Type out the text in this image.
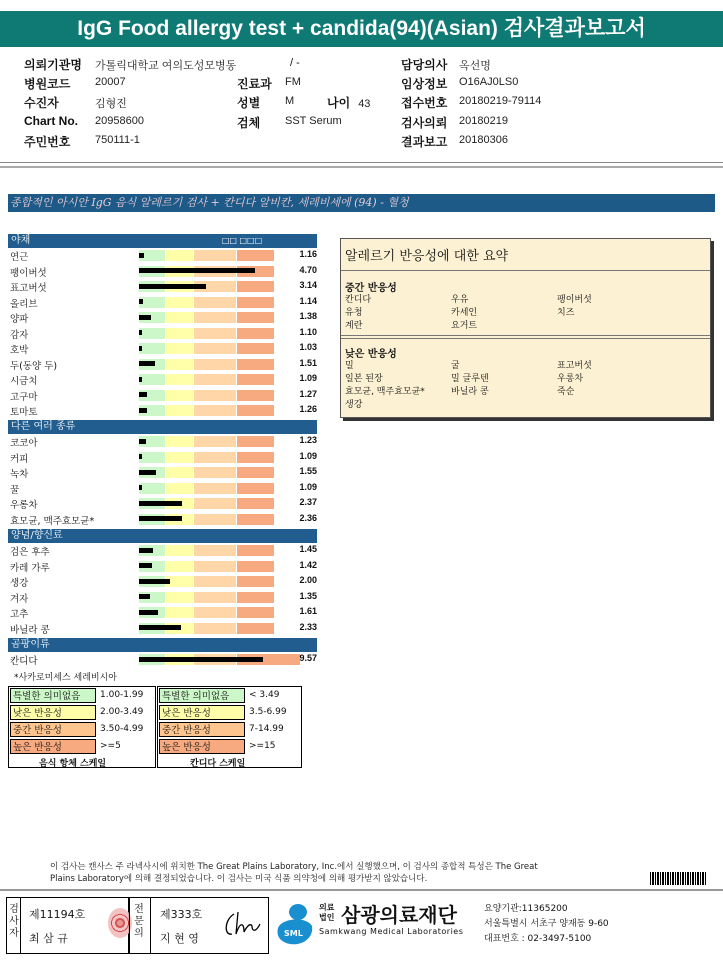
IgG Food allergy test + candida(94)(Asian) 검사결과보고서
의뢰기관명 가톨릭대학교 여의도성모병동
병원코드 20007
수진자	김형진
Chart No. 20958600
주민번호 750111-1
/ -
진료과 FM
성별 M
검체 SST Serum
나이 43
담당의사 옥선명
임상정보 O16AJ0LS0
접수번호 20180219-79114
검사의뢰 20180219
결과보고 20180306
종합적인 아시안 IgG 음식 알레르기 검사 + 칸디다 알비칸, 세레비세에 (94) - 혈청
야채	□□ □□□
연근	1.16
팽이버섯	4.70
표고버섯	3.14
올리브	1.14
양파	1.38
감자	1.10
호박	1.03
두(동양 두)	1.51
시금치	1.09
고구마	1.27
토마토	1.26
다른 여러 종류
코코아	1.23
커피	1.09
녹차	1.55
꿀	1.09
우롱차	2.37
효모균, 맥주효모균*	2.36
양념/향신료
검은 후추	1.45
카레 가루	1.42
생강	2.00
겨자	1.35
고추	1.61
바닐라 콩	2.33
곰팡이류
칸디다	9.57
알레르기 반응성에 대한 요약
중간 반응성
칸디다	우유	팽이버섯
유청	카세인	치즈
계란	요거트
낮은 반응성
밀	굴	표고버섯
일본 된장	밀 글루텐	우롱차
효모균, 맥주효모균*	바닐라 콩	죽순
생강
*사카로미세스 세레비시아
특별한 의미없음	1.00-1.99
낮은 반응성	2.00-3.49
중간 반응성	3.50-4.99
높은 반응성	>=5
음식 항체 스케일
특별한 의미없음	< 3.49
낮은 반응성	3.5-6.99
중간 반응성	7-14.99
높은 반응성	>=15
칸디다 스케일
이 검사는 캔사스 주 라넥사시에 위치한 The Great Plains Laboratory, Inc.에서 실행했으며, 이 검사의 종합적 특성은 The Great
Plains Laboratory에 의해 결정되었습니다. 이 검사는 미국 식품 의약청에 의해 평가받지 않았습니다.
검사자
제11194호
최 삼 규
전문의
제333호
지 현 영	SML
의료
법인 삼광의료재단
Samkwang Medical Laboratories
요양기관:11365200
서울특별시 서초구 양재동 9-60
대표번호 : 02-3497-5100
